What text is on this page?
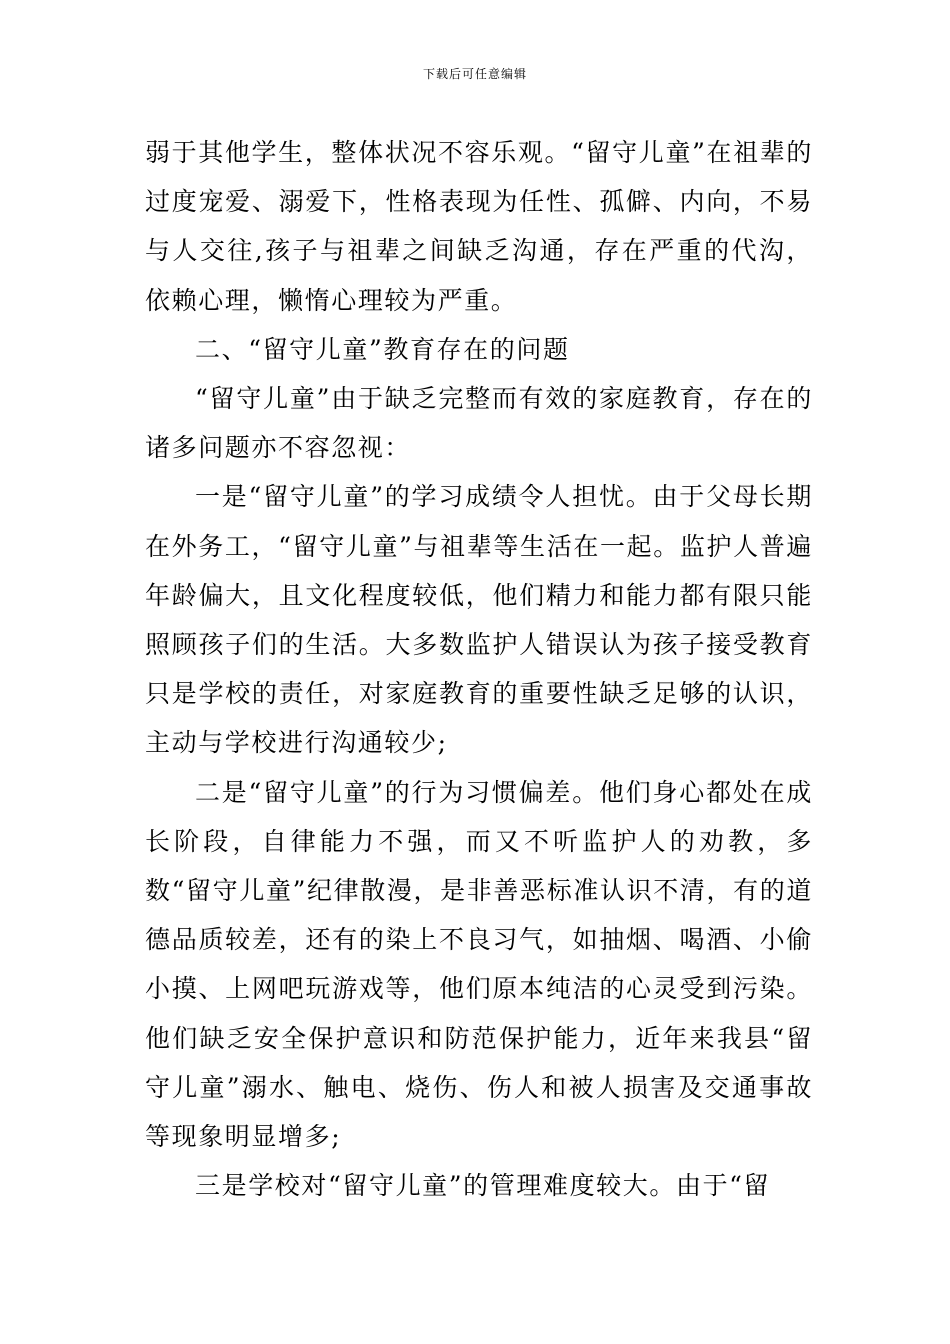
下载后可任意编辑

弱于其他学生，整体状况不容乐观。“留守儿童”在祖辈的过度宠爱、溺爱下，性格表现为任性、孤僻、内向，不易与人交往,孩子与祖辈之间缺乏沟通，存在严重的代沟，依赖心理，懒惰心理较为严重。

二、“留守儿童”教育存在的问题

“留守儿童”由于缺乏完整而有效的家庭教育，存在的诸多问题亦不容忽视：

一是“留守儿童”的学习成绩令人担忧。由于父母长期在外务工，“留守儿童”与祖辈等生活在一起。监护人普遍年龄偏大，且文化程度较低，他们精力和能力都有限只能照顾孩子们的生活。大多数监护人错误认为孩子接受教育只是学校的责任，对家庭教育的重要性缺乏足够的认识，主动与学校进行沟通较少;

二是“留守儿童”的行为习惯偏差。他们身心都处在成长阶段，自律能力不强，而又不听监护人的劝教，多数“留守儿童”纪律散漫，是非善恶标准认识不清，有的道德品质较差，还有的染上不良习气，如抽烟、喝酒、小偷小摸、上网吧玩游戏等，他们原本纯洁的心灵受到污染。他们缺乏安全保护意识和防范保护能力，近年来我县“留守儿童”溺水、触电、烧伤、伤人和被人损害及交通事故等现象明显增多;

三是学校对“留守儿童”的管理难度较大。由于“留
